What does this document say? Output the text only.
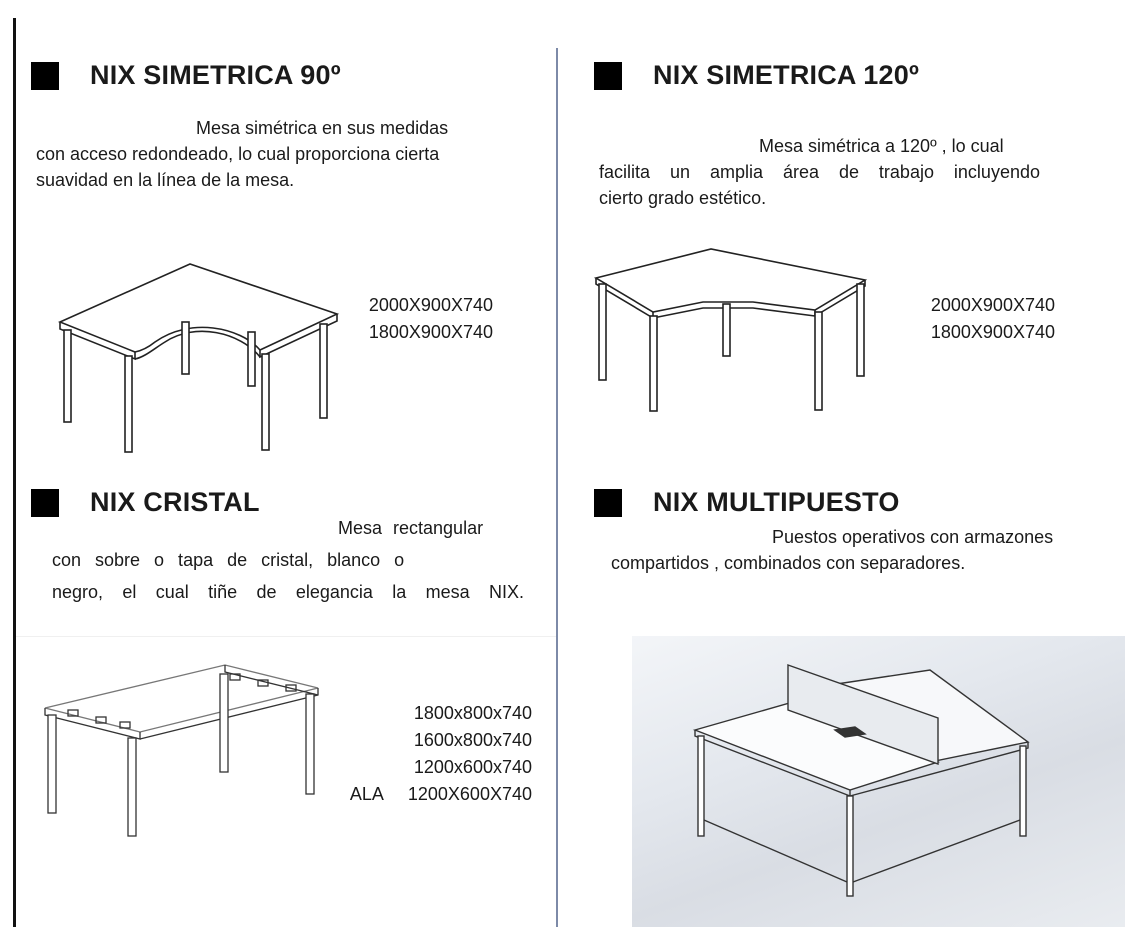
NIX SIMETRICA 90º
Mesa simétrica en sus medidas
con acceso redondeado, lo cual proporciona cierta
suavidad en la línea de la mesa.
2000X900X740
1800X900X740
NIX SIMETRICA 120º
Mesa simétrica a 120º , lo cual
facilita un amplia área de trabajo incluyendo
cierto grado estético.
2000X900X740
1800X900X740
NIX CRISTAL
Mesa rectangular
con sobre o tapa de cristal, blanco o
negro, el cual tiñe de elegancia la mesa NIX.
1800x800x740
1600x800x740
1200x600x740
ALA 1200X600X740
NIX MULTIPUESTO
Puestos operativos con armazones
compartidos , combinados con separadores.
